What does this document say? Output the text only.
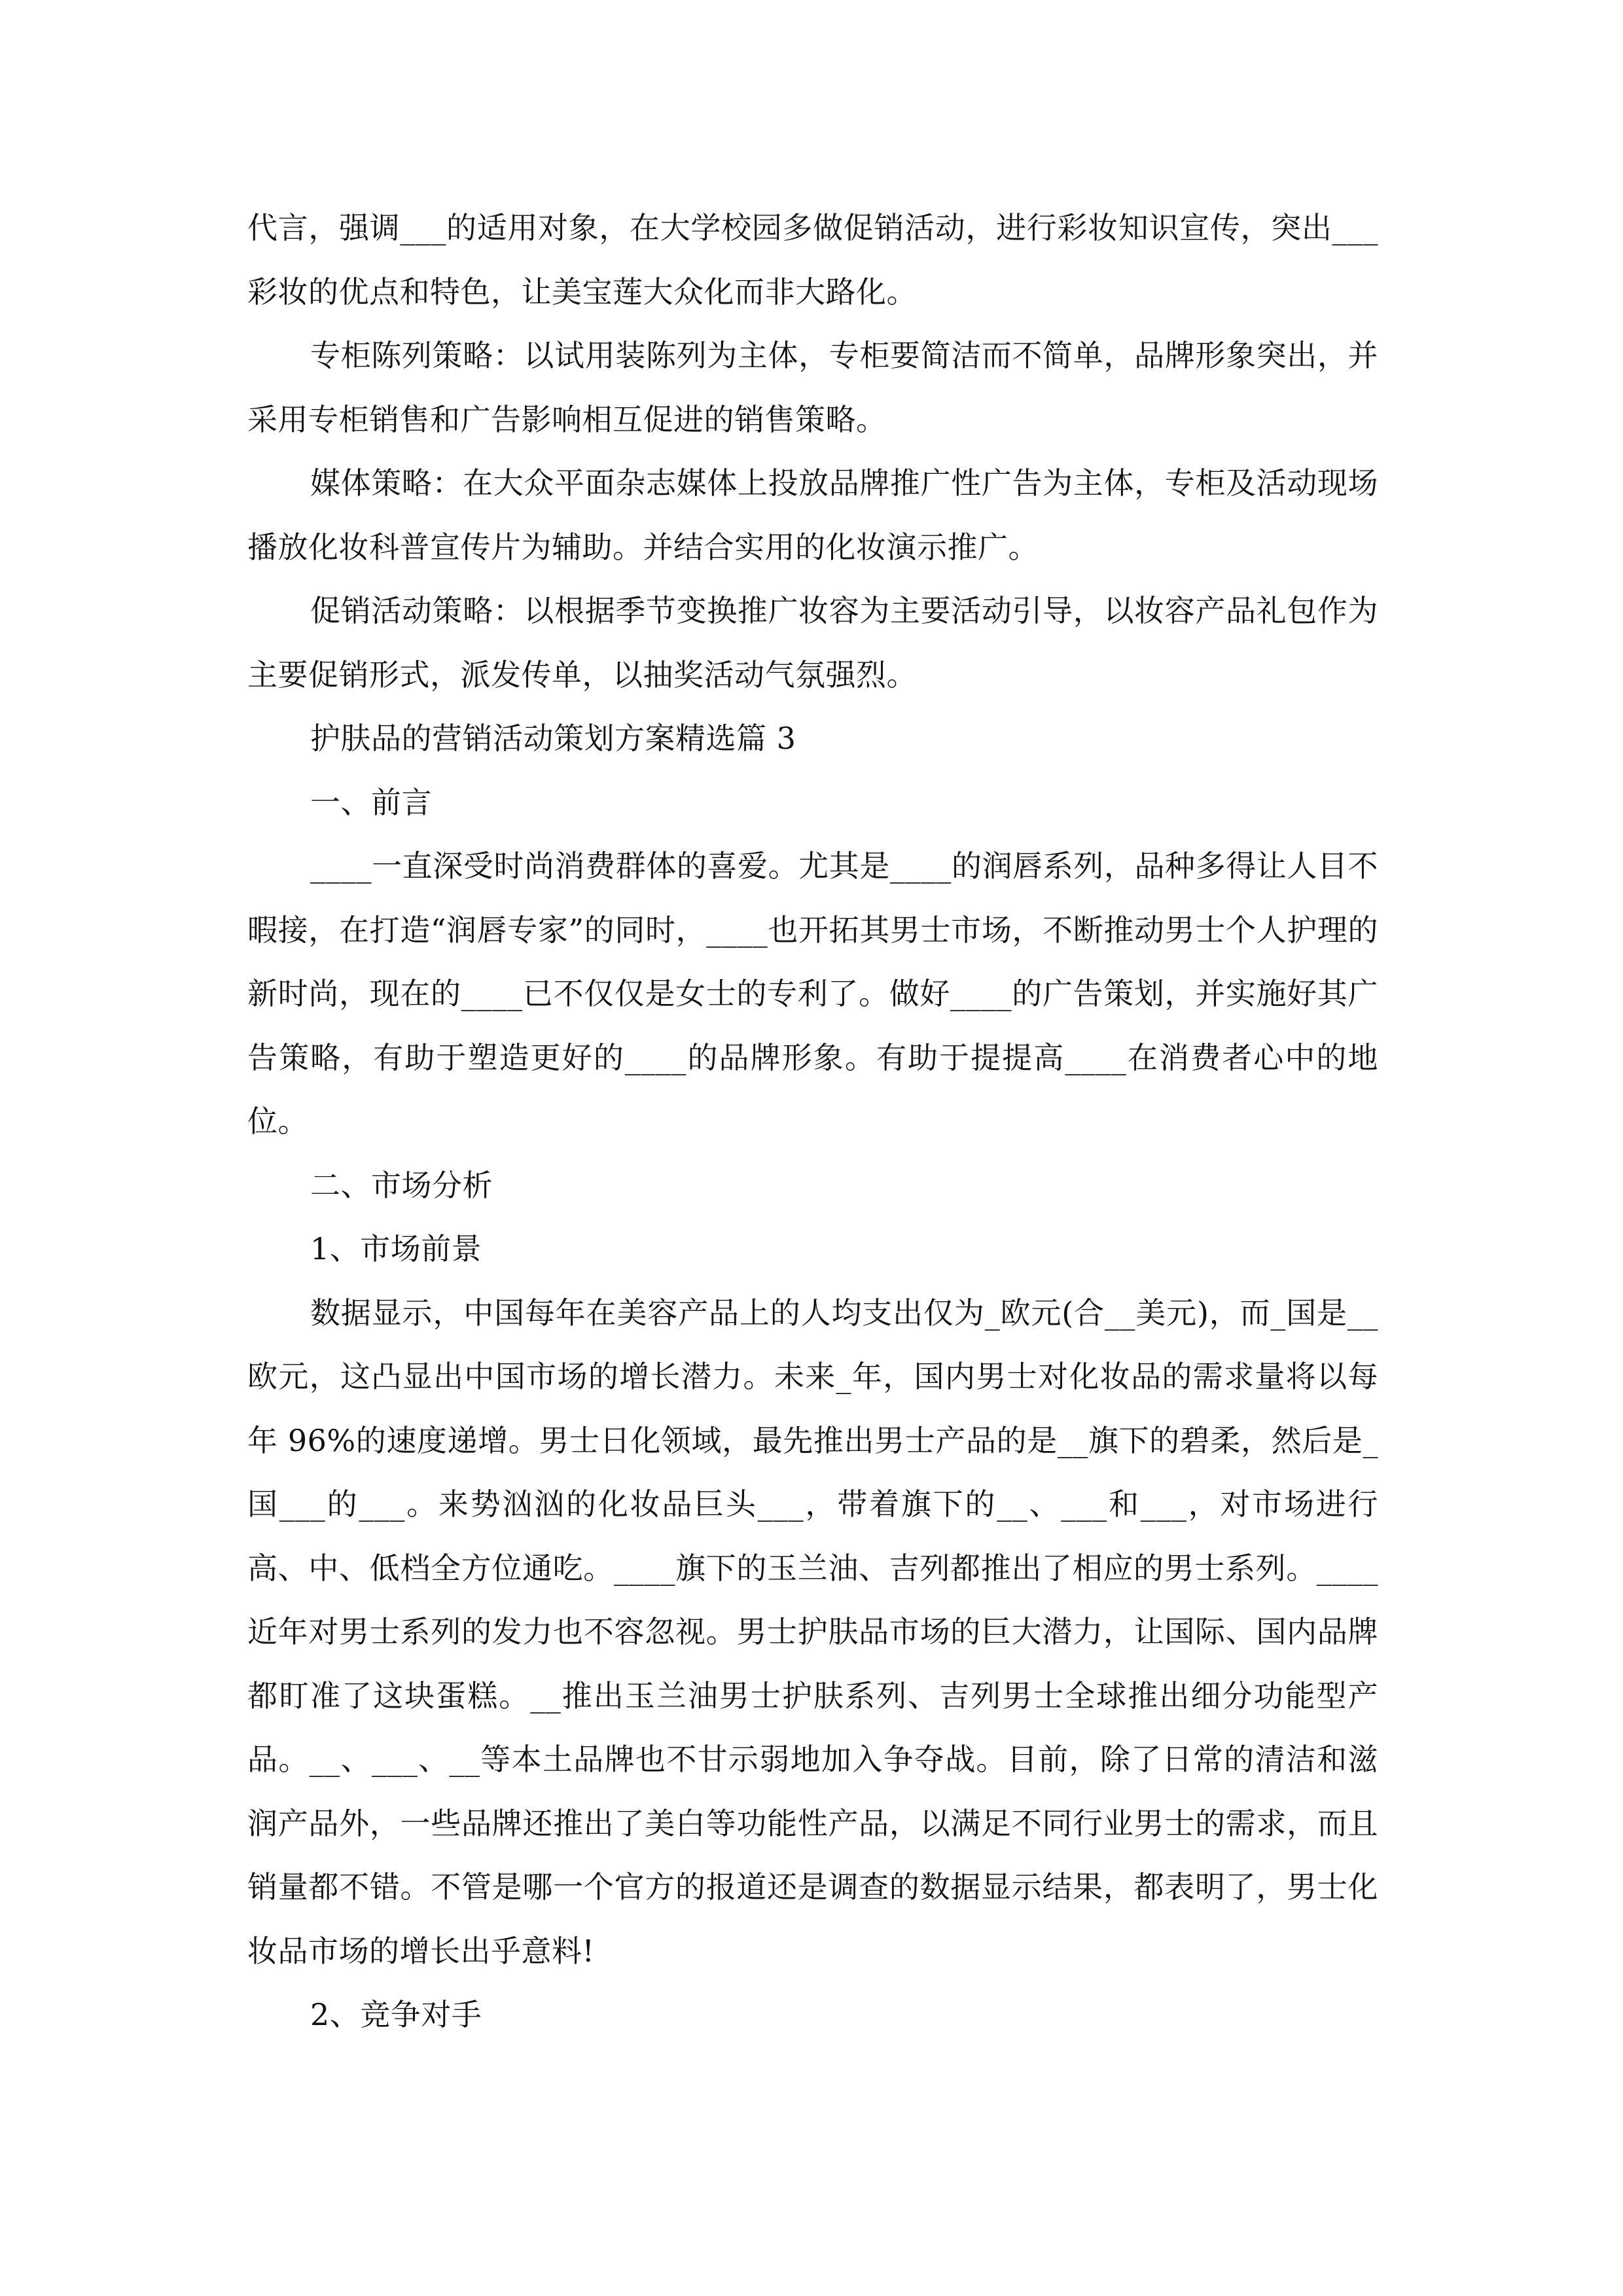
代言，强调___的适用对象，在大学校园多做促销活动，进行彩妆知识宣传，突出___彩妆的优点和特色，让美宝莲大众化而非大路化。

专柜陈列策略：以试用装陈列为主体，专柜要简洁而不简单，品牌形象突出，并采用专柜销售和广告影响相互促进的销售策略。

媒体策略：在大众平面杂志媒体上投放品牌推广性广告为主体，专柜及活动现场播放化妆科普宣传片为辅助。并结合实用的化妆演示推广。

促销活动策略：以根据季节变换推广妆容为主要活动引导，以妆容产品礼包作为主要促销形式，派发传单，以抽奖活动气氛强烈。

护肤品的营销活动策划方案精选篇 3

一、前言

____一直深受时尚消费群体的喜爱。尤其是____的润唇系列，品种多得让人目不暇接，在打造“润唇专家”的同时，____也开拓其男士市场，不断推动男士个人护理的新时尚，现在的____已不仅仅是女士的专利了。做好____的广告策划，并实施好其广告策略，有助于塑造更好的____的品牌形象。有助于提提高____在消费者心中的地位。

二、市场分析

1、市场前景

数据显示，中国每年在美容产品上的人均支出仅为_欧元(合__美元)，而_国是__欧元，这凸显出中国市场的增长潜力。未来_年，国内男士对化妆品的需求量将以每年 96%的速度递增。男士日化领域，最先推出男士产品的是__旗下的碧柔，然后是_国___的___。来势汹汹的化妆品巨头___，带着旗下的__、___和___，对市场进行高、中、低档全方位通吃。____旗下的玉兰油、吉列都推出了相应的男士系列。____近年对男士系列的发力也不容忽视。男士护肤品市场的巨大潜力，让国际、国内品牌都盯准了这块蛋糕。__推出玉兰油男士护肤系列、吉列男士全球推出细分功能型产品。__、___、__等本土品牌也不甘示弱地加入争夺战。目前，除了日常的清洁和滋润产品外，一些品牌还推出了美白等功能性产品，以满足不同行业男士的需求，而且销量都不错。不管是哪一个官方的报道还是调查的数据显示结果，都表明了，男士化妆品市场的增长出乎意料!

2、竞争对手
